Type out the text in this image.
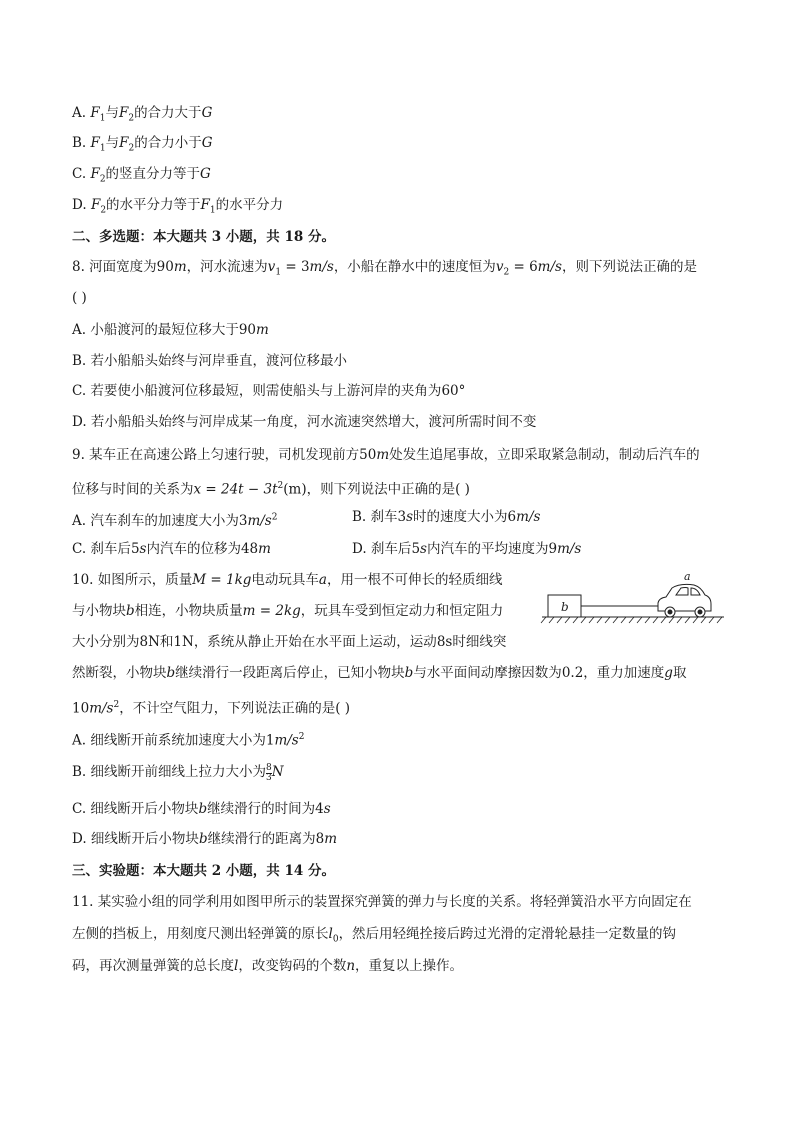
A. $F_1$与$F_2$的合力大于G
B. $F_1$与$F_2$的合力小于G
C. $F_2$的竖直分力等于G
D. $F_2$的水平分力等于$F_1$的水平分力
二、多选题：本大题共 3 小题，共 18 分。
8. 河面宽度为90m，河水流速为$v_1 = 3m/s$，小船在静水中的速度恒为$v_2 = 6m/s$，则下列说法正确的是
( )
A. 小船渡河的最短位移大于90m
B. 若小船船头始终与河岸垂直，渡河位移最小
C. 若要使小船渡河位移最短，则需使船头与上游河岸的夹角为60°
D. 若小船船头始终与河岸成某一角度，河水流速突然增大，渡河所需时间不变
9. 某车正在高速公路上匀速行驶，司机发现前方50m处发生追尾事故，立即采取紧急制动，制动后汽车的
位移与时间的关系为$x = 24t - 3t^2(m)$，则下列说法中正确的是( )
A. 汽车刹车的加速度大小为$3m/s^2$	B. 刹车3s时的速度大小为6m/s
C. 刹车后5s内汽车的位移为48m	D. 刹车后5s内汽车的平均速度为9m/s
10. 如图所示，质量M = 1kg电动玩具车a，用一根不可伸长的轻质细线
与小物块b相连，小物块质量m = 2kg，玩具车受到恒定动力和恒定阻力
大小分别为8N和1N，系统从静止开始在水平面上运动，运动8s时细线突
然断裂，小物块b继续滑行一段距离后停止，已知小物块b与水平面间动摩擦因数为0.2，重力加速度g取
$10m/s^2$，不计空气阻力，下列说法正确的是( )
A. 细线断开前系统加速度大小为$1m/s^2$
B. 细线断开前细线上拉力大小为 $\frac{8}{3}$ N
C. 细线断开后小物块b继续滑行的时间为4s
D. 细线断开后小物块b继续滑行的距离为8m
三、实验题：本大题共 2 小题，共 14 分。
11. 某实验小组的同学利用如图甲所示的装置探究弹簧的弹力与长度的关系。将轻弹簧沿水平方向固定在
左侧的挡板上，用刻度尺测出轻弹簧的原长$l_0$，然后用轻绳拴接后跨过光滑的定滑轮悬挂一定数量的钩
码，再次测量弹簧的总长度l，改变钩码的个数n，重复以上操作。
b
a
